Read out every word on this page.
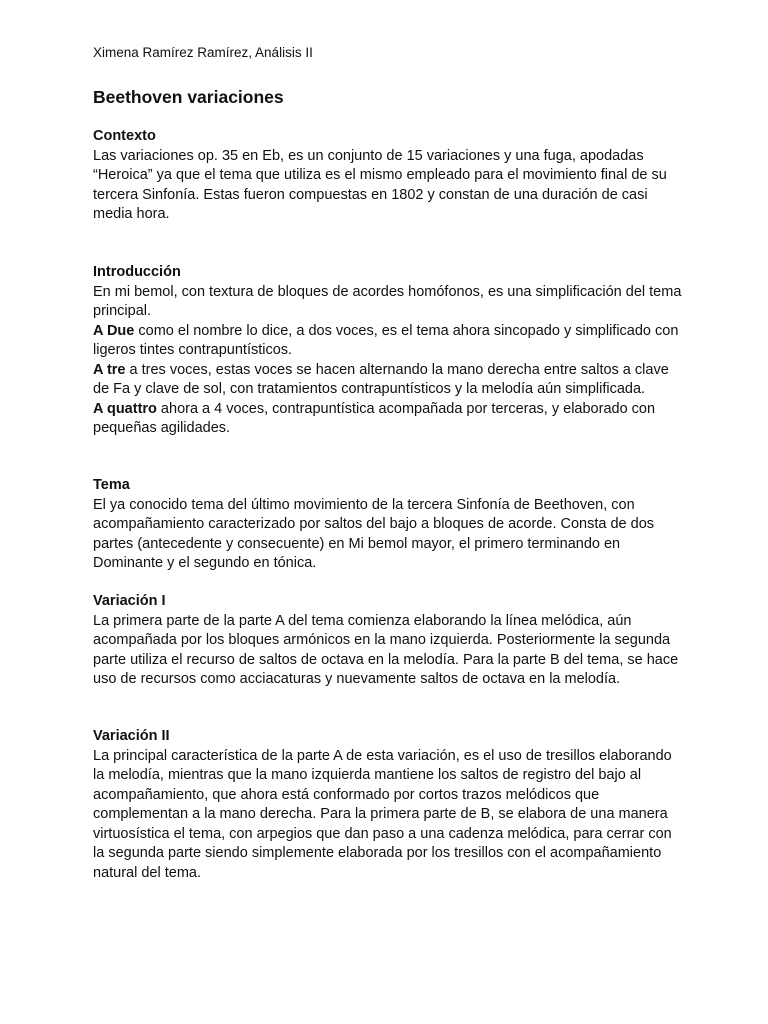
Ximena Ramírez Ramírez, Análisis II
Beethoven variaciones

Contexto

Las variaciones op. 35 en Eb, es un conjunto de 15 variaciones y una fuga, apodadas “Heroica” ya que el tema que utiliza es el mismo empleado para el movimiento final de su tercera Sinfonía. Estas fueron compuestas en 1802 y constan de una duración de casi media hora.

Introducción

En mi bemol, con textura de bloques de acordes homófonos, es una simplificación del tema principal.

A Due como el nombre lo dice, a dos voces, es el tema ahora sincopado y simplificado con ligeros tintes contrapuntísticos.

A tre a tres voces, estas voces se hacen alternando la mano derecha entre saltos a clave de Fa y clave de sol, con tratamientos contrapuntísticos y la melodía aún simplificada.

A quattro ahora a 4 voces, contrapuntística acompañada por terceras, y elaborado con pequeñas agilidades.

Tema

El ya conocido tema del último movimiento de la tercera Sinfonía de Beethoven, con acompañamiento caracterizado por saltos del bajo a bloques de acorde. Consta de dos partes (antecedente y consecuente) en Mi bemol mayor, el primero terminando en Dominante y el segundo en tónica.

Variación I

La primera parte de la parte A del tema comienza elaborando la línea melódica, aún acompañada por los bloques armónicos en la mano izquierda. Posteriormente la segunda parte utiliza el recurso de saltos de octava en la melodía. Para la parte B del tema, se hace uso de recursos como acciacaturas y nuevamente saltos de octava en la melodía.

Variación II

La principal característica de la parte A de esta variación, es el uso de tresillos elaborando la melodía, mientras que la mano izquierda mantiene los saltos de registro del bajo al acompañamiento, que ahora está conformado por cortos trazos melódicos que complementan a la mano derecha. Para la primera parte de B, se elabora de una manera virtuosística el tema, con arpegios que dan paso a una cadenza melódica, para cerrar con la segunda parte siendo simplemente elaborada por los tresillos con el acompañamiento natural del tema.
